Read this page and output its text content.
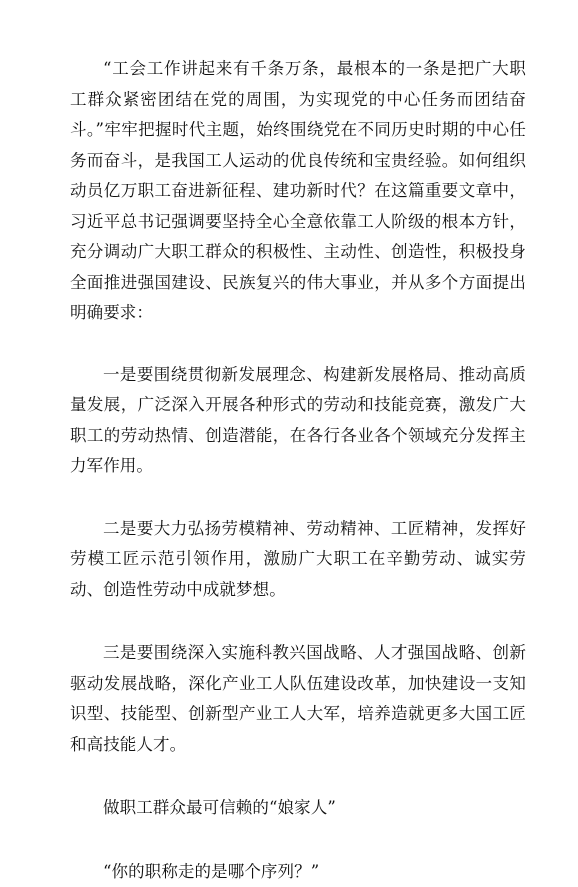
“工会工作讲起来有千条万条，最根本的一条是把广大职工群众紧密团结在党的周围，为实现党的中心任务而团结奋斗。”牢牢把握时代主题，始终围绕党在不同历史时期的中心任务而奋斗，是我国工人运动的优良传统和宝贵经验。如何组织动员亿万职工奋进新征程、建功新时代？在这篇重要文章中，习近平总书记强调要坚持全心全意依靠工人阶级的根本方针，充分调动广大职工群众的积极性、主动性、创造性，积极投身全面推进强国建设、民族复兴的伟大事业，并从多个方面提出明确要求：

一是要围绕贯彻新发展理念、构建新发展格局、推动高质量发展，广泛深入开展各种形式的劳动和技能竞赛，激发广大职工的劳动热情、创造潜能，在各行各业各个领域充分发挥主力军作用。

二是要大力弘扬劳模精神、劳动精神、工匠精神，发挥好劳模工匠示范引领作用，激励广大职工在辛勤劳动、诚实劳动、创造性劳动中成就梦想。

三是要围绕深入实施科教兴国战略、人才强国战略、创新驱动发展战略，深化产业工人队伍建设改革，加快建设一支知识型、技能型、创新型产业工人大军，培养造就更多大国工匠和高技能人才。

做职工群众最可信赖的“娘家人”

“你的职称走的是哪个序列？”
